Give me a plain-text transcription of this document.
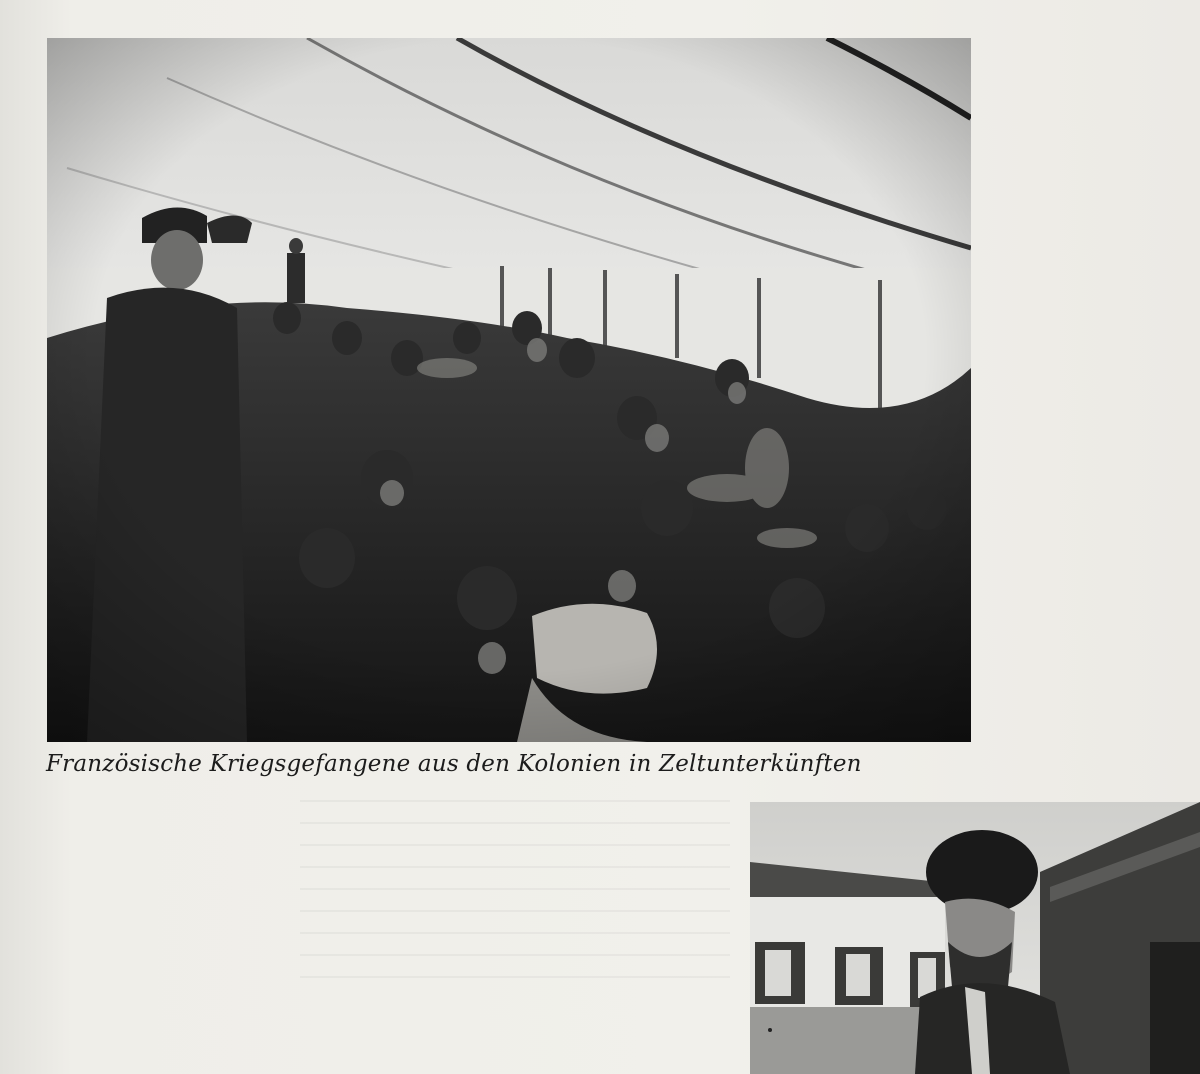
Französische Kriegsgefangene aus den Kolonien in Zeltunterkünften
